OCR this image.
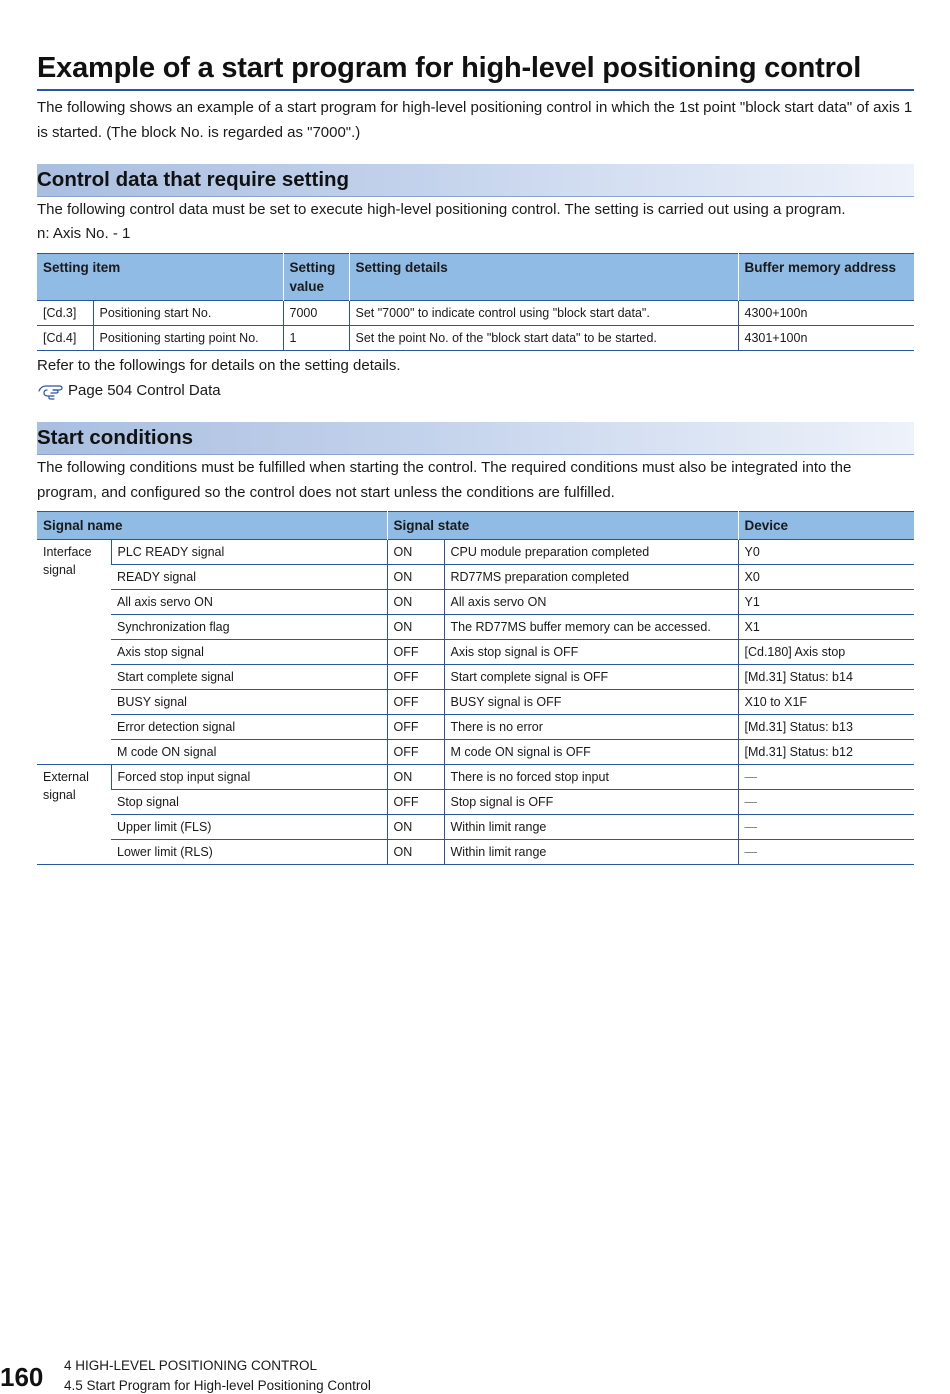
Example of a start program for high-level positioning control
The following shows an example of a start program for high-level positioning control in which the 1st point "block start data" of axis 1 is started. (The block No. is regarded as "7000".)
Control data that require setting
The following control data must be set to execute high-level positioning control. The setting is carried out using a program.
n: Axis No. - 1
Setting item		Setting value	Setting details	Buffer memory address
[Cd.3]	Positioning start No.	7000	Set "7000" to indicate control using "block start data".	4300+100n
[Cd.4]	Positioning starting point No.	1	Set the point No. of the "block start data" to be started.	4301+100n
Refer to the followings for details on the setting details.
Page 504 Control Data
Start conditions
The following conditions must be fulfilled when starting the control. The required conditions must also be integrated into the program, and configured so the control does not start unless the conditions are fulfilled.
Signal name		Signal state		Device
Interface signal	PLC READY signal	ON	CPU module preparation completed	Y0
	READY signal	ON	RD77MS preparation completed	X0
	All axis servo ON	ON	All axis servo ON	Y1
	Synchronization flag	ON	The RD77MS buffer memory can be accessed.	X1
	Axis stop signal	OFF	Axis stop signal is OFF	[Cd.180] Axis stop
	Start complete signal	OFF	Start complete signal is OFF	[Md.31] Status: b14
	BUSY signal	OFF	BUSY signal is OFF	X10 to X1F
	Error detection signal	OFF	There is no error	[Md.31] Status: b13
	M code ON signal	OFF	M code ON signal is OFF	[Md.31] Status: b12
External signal	Forced stop input signal	ON	There is no forced stop input	—
	Stop signal	OFF	Stop signal is OFF	—
	Upper limit (FLS)	ON	Within limit range	—
	Lower limit (RLS)	ON	Within limit range	—
160 4 HIGH-LEVEL POSITIONING CONTROL
4.5 Start Program for High-level Positioning Control
